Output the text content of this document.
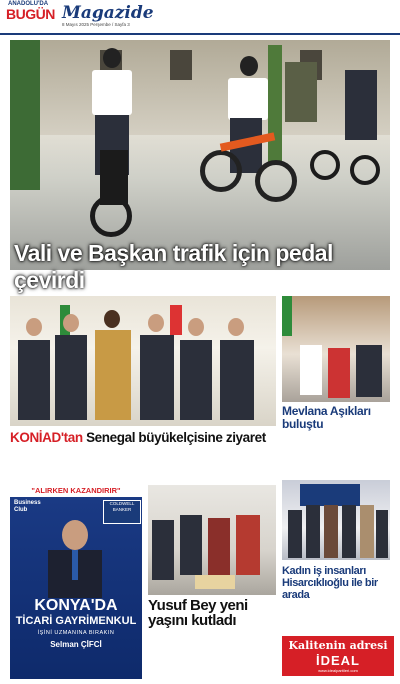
ANADOLU'DA
BUGÜN Magazide
8 Mayıs 2025 Perşembe / Sayfa 3
Vali ve Başkan trafik için pedal çevirdi
KONİAD'tan Senegal büyükelçisine ziyaret
Mevlana Aşıkları buluştu
Kadın iş insanları Hisarcıklıoğlu ile bir arada
"ALIRKEN KAZANDIRIR"
Business Club
COLDWELL BANKER
KONYA'DA
TİCARİ GAYRİMENKUL
İŞİNİ UZMANINA BIRAKIN
Selman ÇİFCİ
Yusuf Bey yeni yaşını kutladı
Kalitenin adresi
İDEAL
www.idealpartileri.com
